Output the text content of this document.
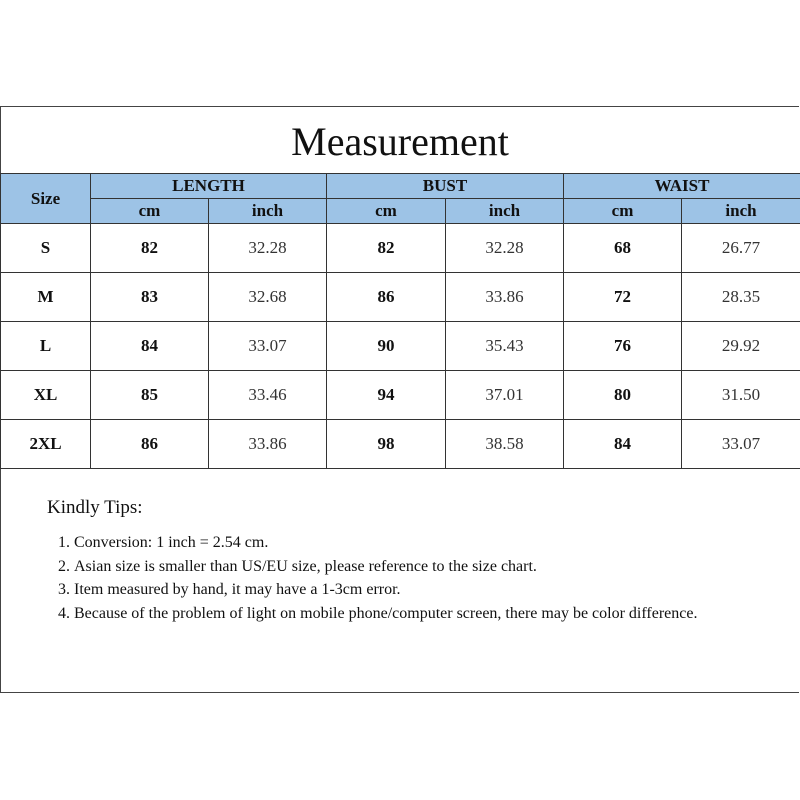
Measurement
Size	LENGTH		BUST		WAIST	
	cm	inch	cm	inch	cm	inch
S	82	32.28	82	32.28	68	26.77
M	83	32.68	86	33.86	72	28.35
L	84	33.07	90	35.43	76	29.92
XL	85	33.46	94	37.01	80	31.50
2XL	86	33.86	98	38.58	84	33.07
Kindly Tips:
1. Conversion: 1 inch = 2.54 cm.
2. Asian size is smaller than US/EU size, please reference to the size chart.
3. Item measured by hand, it may have a 1-3cm error.
4. Because of the problem of light on mobile phone/computer screen, there may be color difference.
